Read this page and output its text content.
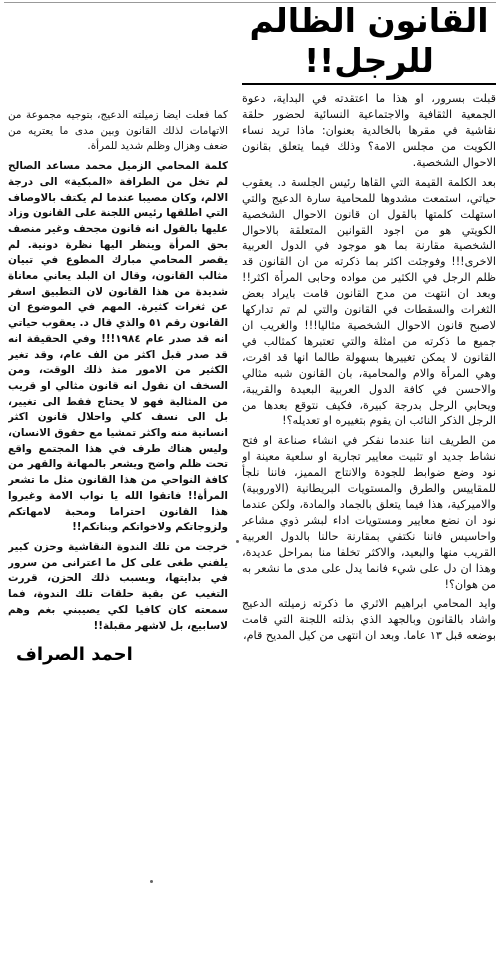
القانون الظالم
للرجل!!

قبلت بسرور، او هذا ما اعتقدته في البداية، دعوة الجمعية الثقافية والاجتماعية النسائية لحضور حلقة نقاشية في مقرها بالخالدية بعنوان: ماذا تريد نساء الكويت من مجلس الامة؟ وذلك فيما يتعلق بقانون الاحوال الشخصية.

بعد الكلمة القيمة التي القاها رئيس الجلسة د. يعقوب حياتي، استمعت مشدوها للمحامية سارة الدعيج والتي استهلت كلمتها بالقول ان قانون الاحوال الشخصية الكويتي هو من اجود القوانين المتعلقة بالاحوال الشخصية مقارنة بما هو موجود في الدول العربية الاخرى!!! وفوجئت اكثر بما ذكرته من ان القانون قد ظلم الرجل في الكثير من مواده وحابى المرأة اكثر!! وبعد ان انتهت من مدح القانون قامت بايراد بعض الثغرات والسقطات في القانون والتي لم تم تداركها لاصبح قانون الاحوال الشخصية مثاليا!!! والغريب ان جميع ما ذكرته من امثلة والتي تعتبرها كمثالب في القانون لا يمكن تغييرها بسهولة طالما انها قد اقرت، وهي المرأة والام والمحامية، بان القانون شبه مثالي والاحسن في كافة الدول العربية البعيدة والقريبة، ويحابي الرجل بدرجة كبيرة، فكيف نتوقع بعدها من الرجل الذكر النائب ان يقوم بتغييره او تعديله؟!

من الطريف اننا عندما نفكر في انشاء صناعة او فتح نشاط جديد او تثبيت معايير تجارية او سلعية معينة او نود وضع ضوابط للجودة والانتاج المميز، فاننا نلجأ للمقاييس والطرق والمستويات البريطانية (الاوروبية) والاميركية، هذا فيما يتعلق بالجماد والمادة، ولكن عندما نود ان نضع معايير ومستويات اداء لبشر ذوي مشاعر واحاسيس فاننا نكتفي بمقارنة حالنا بالدول العربية القريب منها والبعيد، والاكثر تخلفا منا بمراحل عديدة، وهذا ان دل على شيء فانما يدل على مدى ما نشعر به من هوان؟!

وايد المحامي ابراهيم الاثري ما ذكرته زميلته الدعيج واشاد بالقانون وبالجهد الذي بذلته اللجنة التي قامت بوضعه قبل ١٣ عاما. وبعد ان انتهى من كيل المديح قام،

كما فعلت ايضا زميلته الدعيج، بتوجيه مجموعة من الاتهامات لذلك القانون وبين مدى ما يعتريه من ضعف وهزال وظلم شديد للمرأة.

كلمة المحامي الزميل محمد مساعد الصالح لم تخل من الطرافة «المبكية» الى درجة الالم، وكان مصيبا عندما لم يكتف بالاوصاف التي اطلقها رئيس اللجنة على القانون وزاد عليها بالقول انه قانون مجحف وغير منصف بحق المرأة وينظر اليها نظرة دونية. لم يقصر المحامي مبارك المطوع في تبيان مثالب القانون، وقال ان البلد يعاني معاناة شديدة من هذا القانون لان التطبيق اسفر عن ثغرات كثيرة. المهم في الموضوع ان القانون رقم ٥١ والذي قال د. يعقوب حياتي انه قد صدر عام ١٩٨٤!!! وفي الحقيقة انه قد صدر قبل اكثر من الف عام، وقد تغير الكثير من الامور منذ ذلك الوقت، ومن السخف ان نقول انه قانون مثالي او قريب من المثالية فهو لا يحتاج فقط الى تغيير، بل الى نسف كلي واحلال قانون اكثر انسانية منه واكثر تمشيا مع حقوق الانسان، وليس هناك طرف في هذا المجتمع واقع تحت ظلم واضح ويشعر بالمهانة والقهر من كافة النواحي من هذا القانون مثل ما تشعر المرأة!! فاتقوا الله يا نواب الامة وغيروا هذا القانون احتراما ومحبة لامهاتكم ولزوجاتكم ولاخواتكم وبناتكم!!

خرجت من تلك الندوة النقاشية وحزن كبير يلفني طغى على كل ما اعترانى من سرور في بدايتها، وبسبب ذلك الحزن، قررت التغيب عن بقية حلقات تلك الندوة، فما سمعته كان كافيا لكي يصيبني بغم وهم لاسابيع، بل لاشهر مقبلة!!

احمد الصراف
